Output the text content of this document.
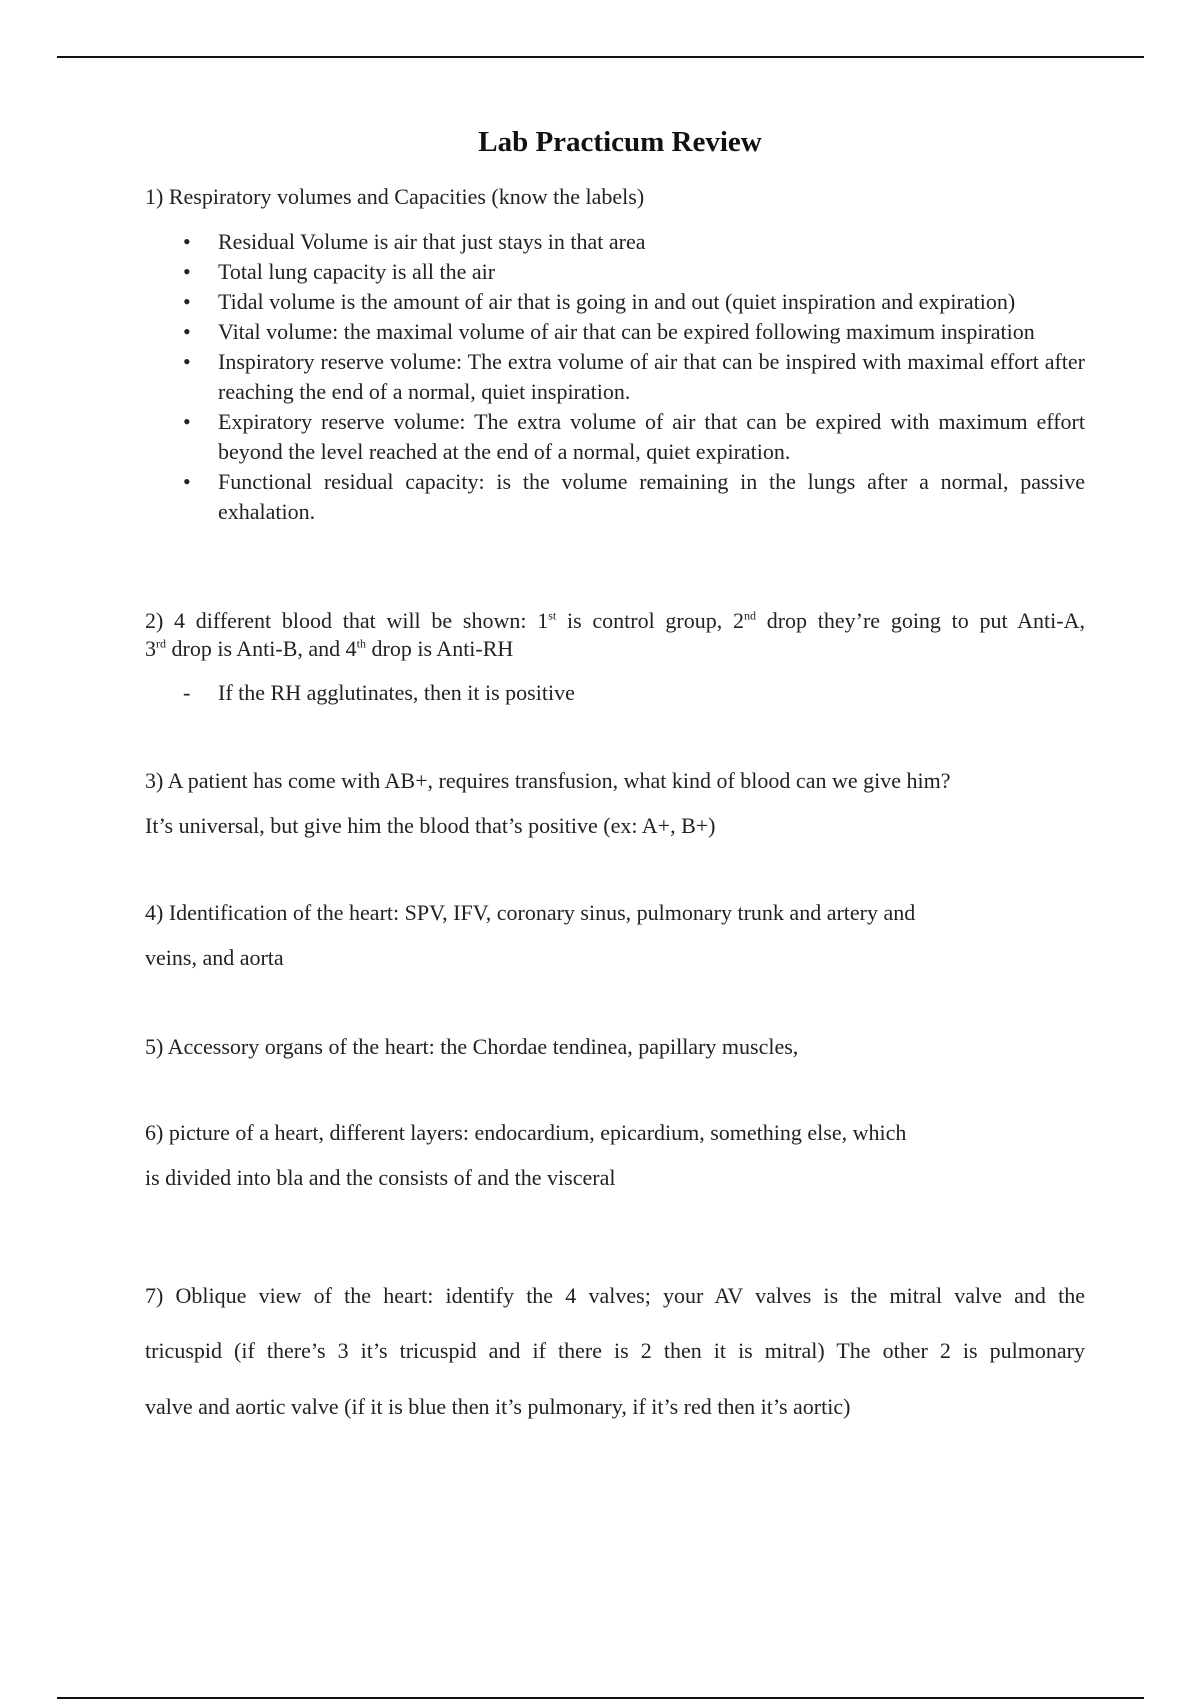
Lab Practicum Review
1) Respiratory volumes and Capacities (know the labels)
•	Residual Volume is air that just stays in that area
•	Total lung capacity is all the air
•	Tidal volume is the amount of air that is going in and out (quiet inspiration and expiration)
•	Vital volume: the maximal volume of air that can be expired following maximum inspiration
•	Inspiratory reserve volume: The extra volume of air that can be inspired with maximal effort after reaching the end of a normal, quiet inspiration.
•	Expiratory reserve volume: The extra volume of air that can be expired with maximum effort beyond the level reached at the end of a normal, quiet expiration.
•	Functional residual capacity: is the volume remaining in the lungs after a normal, passive exhalation.
2) 4 different blood that will be shown: 1st is control group, 2nd drop they’re going to put Anti-A,
3rd drop is Anti-B, and 4th drop is Anti-RH
- If the RH agglutinates, then it is positive
3) A patient has come with AB+, requires transfusion, what kind of blood can we give him?
It’s universal, but give him the blood that’s positive (ex: A+, B+)
4) Identification of the heart: SPV, IFV, coronary sinus, pulmonary trunk and artery and
veins, and aorta
5) Accessory organs of the heart: the Chordae tendinea, papillary muscles,
6) picture of a heart, different layers: endocardium, epicardium, something else, which
is divided into bla and the consists of and the visceral
7) Oblique view of the heart: identify the 4 valves; your AV valves is the mitral valve and the
tricuspid (if there’s 3 it’s tricuspid and if there is 2 then it is mitral) The other 2 is pulmonary
valve and aortic valve (if it is blue then it’s pulmonary, if it’s red then it’s aortic)
